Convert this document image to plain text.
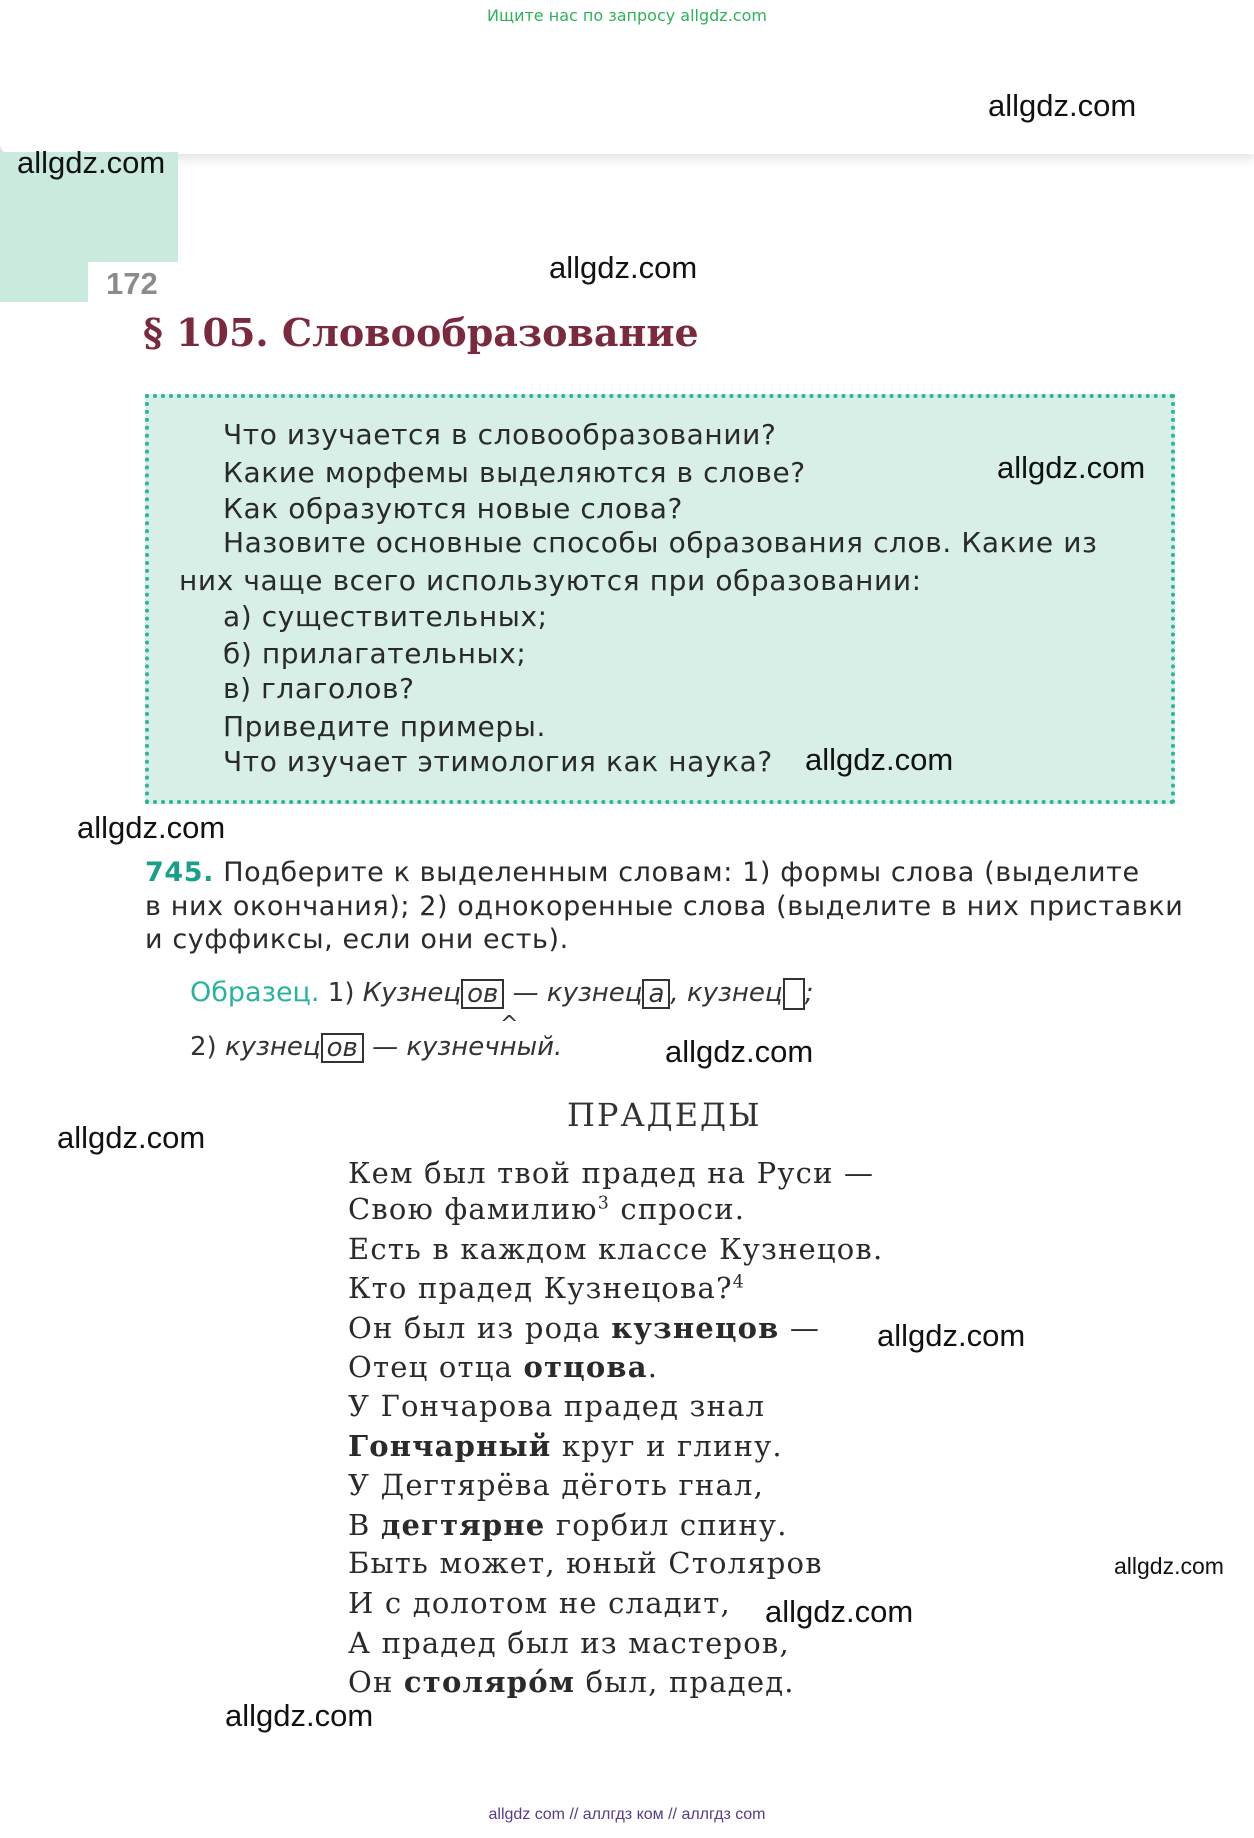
Ищите нас по запросу allgdz.com
allgdz.com
172
allgdz.com
allgdz.com
§ 105. Словообразование
Что изучается в словообразовании?
Какие морфемы выделяются в слове?
Как образуются новые слова?
Назовите основные способы образования слов. Какие из
них чаще всего используются при образовании:
а) существительных;
б) прилагательных;
в) глаголов?
Приведите примеры.
Что изучает этимология как наука?
allgdz.com
allgdz.com
allgdz.com
745. Подберите к выделенным словам: 1) формы слова (выделите
в них окончания); 2) однокоренные слова (выделите в них приставки
и суффиксы, если они есть).
Образец. 1) Кузнец ов — кузнец а , кузнец ;
^
2) кузнец ов — кузнечный.	allgdz.com
ПРАДЕДЫ
allgdz.com
Кем был твой прадед на Руси —
Свою фамилию$^3$ спроси.
Есть в каждом классе Кузнецов.
Кто прадед Кузнецова?$^4$
Он был из рода кузнецов —
Отец отца отцова.
У Гончарова прадед знал
Гончарный круг и глину.
У Дегтярёва дёготь гнал,
В дегтярне горбил спину.
Быть может, юный Столяров
И с долотом не сладит,
А прадед был из мастеров,
Он столяро́м был, прадед.
allgdz.com
allgdz.com
allgdz.com
allgdz.com
allgdz com // аллгдз ком // аллгдз com
